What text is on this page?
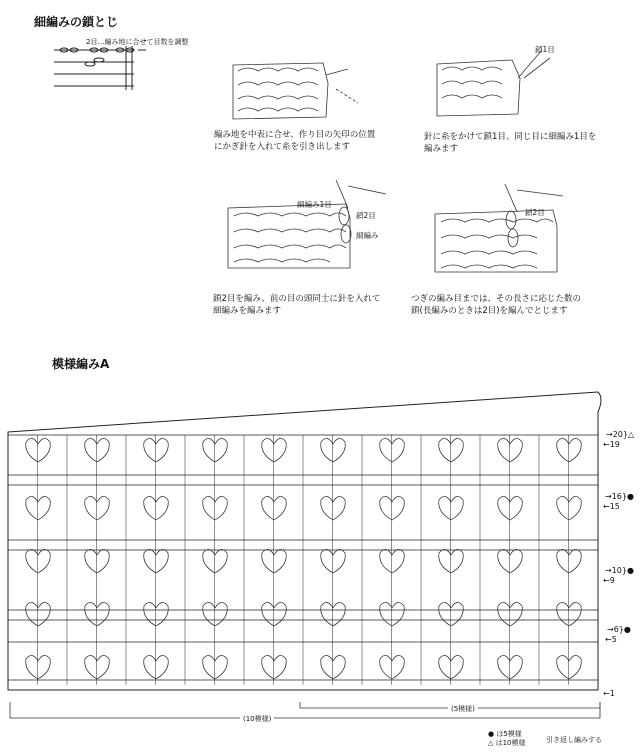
細編みの鎖とじ
2目…編み地に合せて目数を調整
鎖1目
編み地を中表に合せ、作り目の矢印の位置
にかぎ針を入れて糸を引き出します
針に糸をかけて鎖1目、同じ目に細編み1目を
編みます
細編み1目
鎖2目
細編み
鎖2目
鎖2目を編み、前の目の頭同士に針を入れて
細編みを編みます
つぎの編み目までは、その長さに応じた数の
鎖(長編みのときは2目)を編んでとじます
模様編みA
→20}△
←19
→16}●
←15
→10}●
←9
→6}●
←5
←1
(5模様)
(10模様)
● は5模様
△ は10模様	引き返し編みする
